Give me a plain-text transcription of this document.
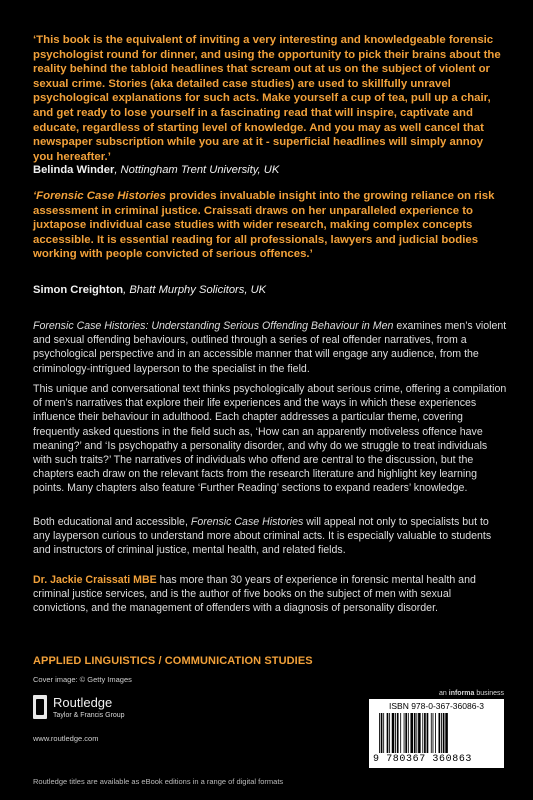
‘This book is the equivalent of inviting a very interesting and knowledgeable forensic psychologist round for dinner, and using the opportunity to pick their brains about the reality behind the tabloid headlines that scream out at us on the subject of violent or sexual crime. Stories (aka detailed case studies) are used to skillfully unravel psychological explanations for such acts. Make yourself a cup of tea, pull up a chair, and get ready to lose yourself in a fascinating read that will inspire, captivate and educate, regardless of starting level of knowledge. And you may as well cancel that newspaper subscription while you are at it - superficial headlines will simply annoy you hereafter.’
Belinda Winder, Nottingham Trent University, UK
‘Forensic Case Histories provides invaluable insight into the growing reliance on risk assessment in criminal justice. Craissati draws on her unparalleled experience to juxtapose individual case studies with wider research, making complex concepts accessible. It is essential reading for all professionals, lawyers and judicial bodies working with people convicted of serious offences.’
Simon Creighton, Bhatt Murphy Solicitors, UK
Forensic Case Histories: Understanding Serious Offending Behaviour in Men examines men’s violent and sexual offending behaviours, outlined through a series of real offender narratives, from a psychological perspective and in an accessible manner that will engage any audience, from the criminology-intrigued layperson to the specialist in the field.
This unique and conversational text thinks psychologically about serious crime, offering a compilation of men’s narratives that explore their life experiences and the ways in which these experiences influence their behaviour in adulthood. Each chapter addresses a particular theme, covering frequently asked questions in the field such as, ‘How can an apparently motiveless offence have meaning?’ and ‘Is psychopathy a personality disorder, and why do we struggle to treat individuals with such traits?’ The narratives of individuals who offend are central to the discussion, but the chapters each draw on the relevant facts from the research literature and highlight key learning points. Many chapters also feature ‘Further Reading’ sections to expand readers’ knowledge.
Both educational and accessible, Forensic Case Histories will appeal not only to specialists but to any layperson curious to understand more about criminal acts. It is especially valuable to students and instructors of criminal justice, mental health, and related fields.
Dr. Jackie Craissati MBE has more than 30 years of experience in forensic mental health and criminal justice services, and is the author of five books on the subject of men with sexual convictions, and the management of offenders with a diagnosis of personality disorder.
APPLIED LINGUISTICS / COMMUNICATION STUDIES
Cover image: © Getty Images
Routledge
Taylor & Francis Group
www.routledge.com
an informa business
ISBN 978-0-367-36086-3
9 780367 360863
Routledge titles are available as eBook editions in a range of digital formats
